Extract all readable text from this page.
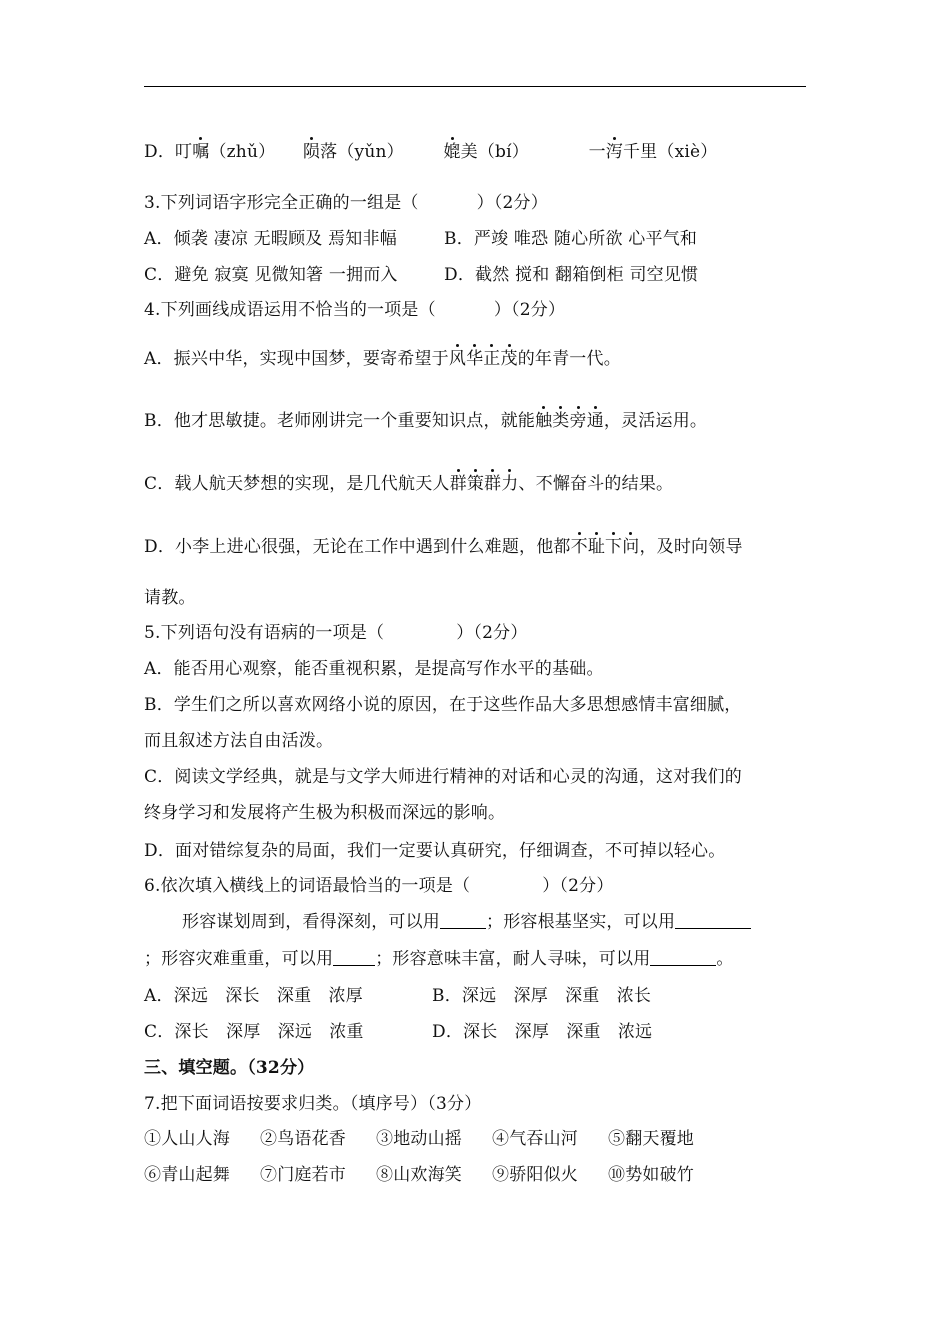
D．叮嘱（zhǔ） 陨落（yǔn） 媲美（bí）	一泻千里（xiè）
3.下列词语字形完全正确的一组是（	）（2分）
A．倾袭 凄凉 无暇顾及 焉知非幅	B．严竣 唯恐 随心所欲 心平气和
C．避免 寂寞 见微知箸 一拥而入	D．截然 搅和 翻箱倒柜 司空见惯
4.下列画线成语运用不恰当的一项是（	）（2分）
A．振兴中华，实现中国梦，要寄希望于风华正茂的年青一代。
B．他才思敏捷。老师刚讲完一个重要知识点，就能触类旁通，灵活运用。
C．载人航天梦想的实现，是几代航天人群策群力、不懈奋斗的结果。
D．小李上进心很强，无论在工作中遇到什么难题，他都不耻下问，及时向领导
请教。
5.下列语句没有语病的一项是（	）（2分）
A．能否用心观察，能否重视积累，是提高写作水平的基础。
B．学生们之所以喜欢网络小说的原因，在于这些作品大多思想感情丰富细腻，
而且叙述方法自由活泼。
C．阅读文学经典，就是与文学大师进行精神的对话和心灵的沟通，这对我们的
终身学习和发展将产生极为积极而深远的影响。
D．面对错综复杂的局面，我们一定要认真研究，仔细调查，不可掉以轻心。
6.依次填入横线上的词语最恰当的一项是（	）（2分）
形容谋划周到，看得深刻，可以用	；形容根基坚实，可以用
；形容灾难重重，可以用 ；形容意味丰富，耐人寻味，可以用	。
A．深远　深长　深重　浓厚	B．深远　深厚　深重　浓长
C．深长　深厚　深远　浓重	D．深长　深厚　深重　浓远
三、填空题。（32分）
7.把下面词语按要求归类。（填序号）（3分）
①人山人海 ②鸟语花香 ③地动山摇 ④气吞山河 ⑤翻天覆地
⑥青山起舞 ⑦门庭若市 ⑧山欢海笑 ⑨骄阳似火 ⑩势如破竹
